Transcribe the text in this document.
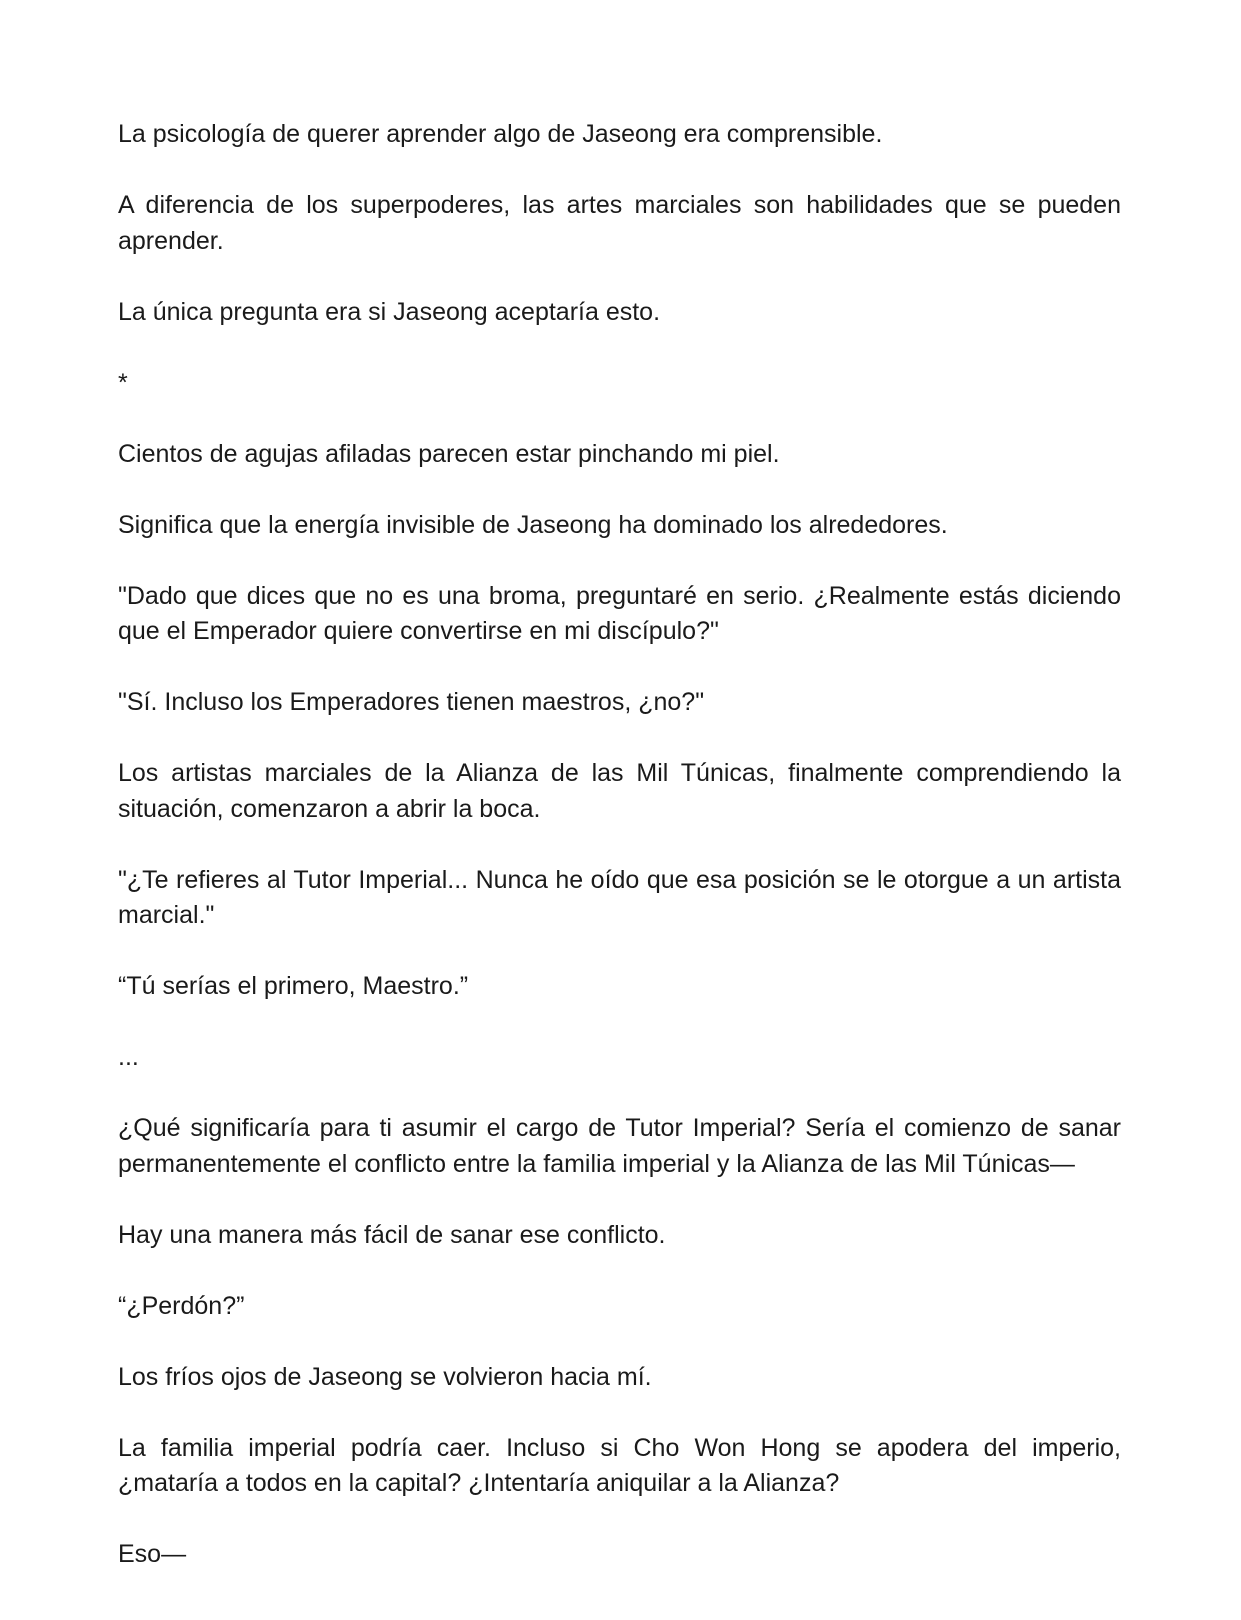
La psicología de querer aprender algo de Jaseong era comprensible.

A diferencia de los superpoderes, las artes marciales son habilidades que se pueden aprender.

La única pregunta era si Jaseong aceptaría esto.

*

Cientos de agujas afiladas parecen estar pinchando mi piel.

Significa que la energía invisible de Jaseong ha dominado los alrededores.

"Dado que dices que no es una broma, preguntaré en serio. ¿Realmente estás diciendo que el Emperador quiere convertirse en mi discípulo?"

"Sí. Incluso los Emperadores tienen maestros, ¿no?"

Los artistas marciales de la Alianza de las Mil Túnicas, finalmente comprendiendo la situación, comenzaron a abrir la boca.

"¿Te refieres al Tutor Imperial... Nunca he oído que esa posición se le otorgue a un artista marcial."

“Tú serías el primero, Maestro.”

...

¿Qué significaría para ti asumir el cargo de Tutor Imperial? Sería el comienzo de sanar permanentemente el conflicto entre la familia imperial y la Alianza de las Mil Túnicas—

Hay una manera más fácil de sanar ese conflicto.

“¿Perdón?”

Los fríos ojos de Jaseong se volvieron hacia mí.

La familia imperial podría caer. Incluso si Cho Won Hong se apodera del imperio, ¿mataría a todos en la capital? ¿Intentaría aniquilar a la Alianza?

Eso—
